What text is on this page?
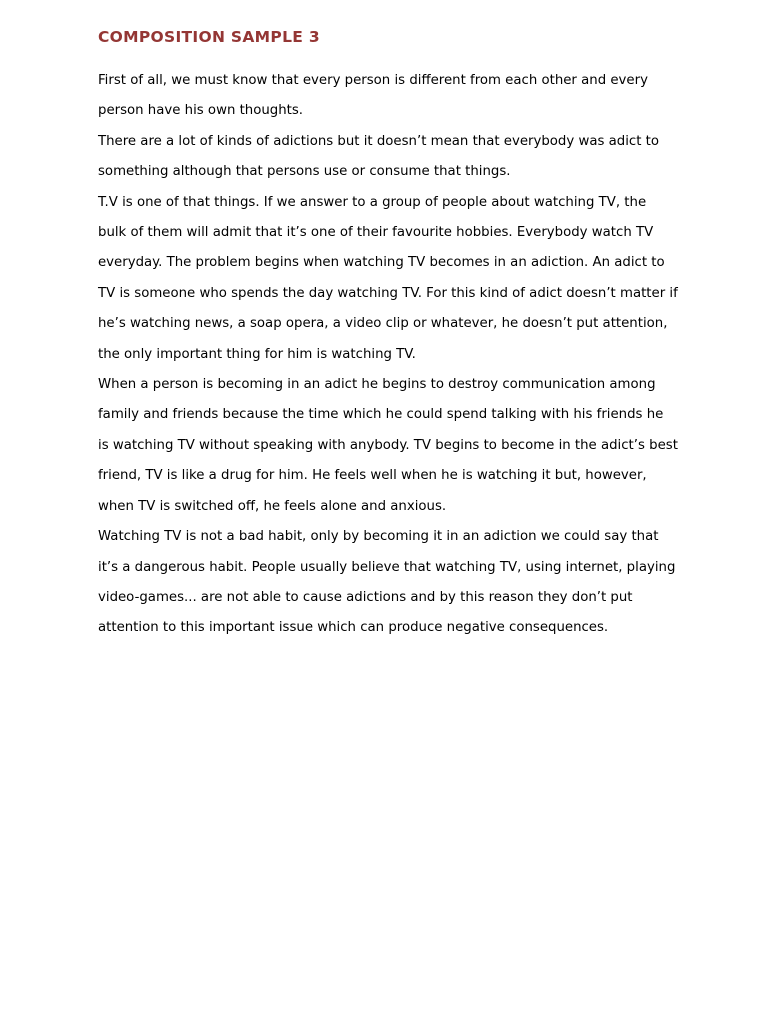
COMPOSITION SAMPLE 3

First of all, we must know that every person is different from each other and every person have his own thoughts.

There are a lot of kinds of adictions but it doesn’t mean that everybody was adict to something although that persons use or consume that things.

T.V is one of that things. If we answer to a group of people about watching TV, the bulk of them will admit that it’s one of their favourite hobbies. Everybody watch TV everyday. The problem begins when watching TV becomes in an adiction. An adict to TV is someone who spends the day watching TV. For this kind of adict doesn’t matter if he’s watching news, a soap opera, a video clip or whatever, he doesn’t put attention, the only important thing for him is watching TV.

When a person is becoming in an adict he begins to destroy communication among family and friends because the time which he could spend talking with his friends he is watching TV without speaking with anybody. TV begins to become in the adict’s best friend, TV is like a drug for him. He feels well when he is watching it but, however, when TV is switched off, he feels alone and anxious.

Watching TV is not a bad habit, only by becoming it in an adiction we could say that it’s a dangerous habit. People usually believe that watching TV, using internet, playing video-games... are not able to cause adictions and by this reason they don’t put attention to this important issue which can produce negative consequences.
